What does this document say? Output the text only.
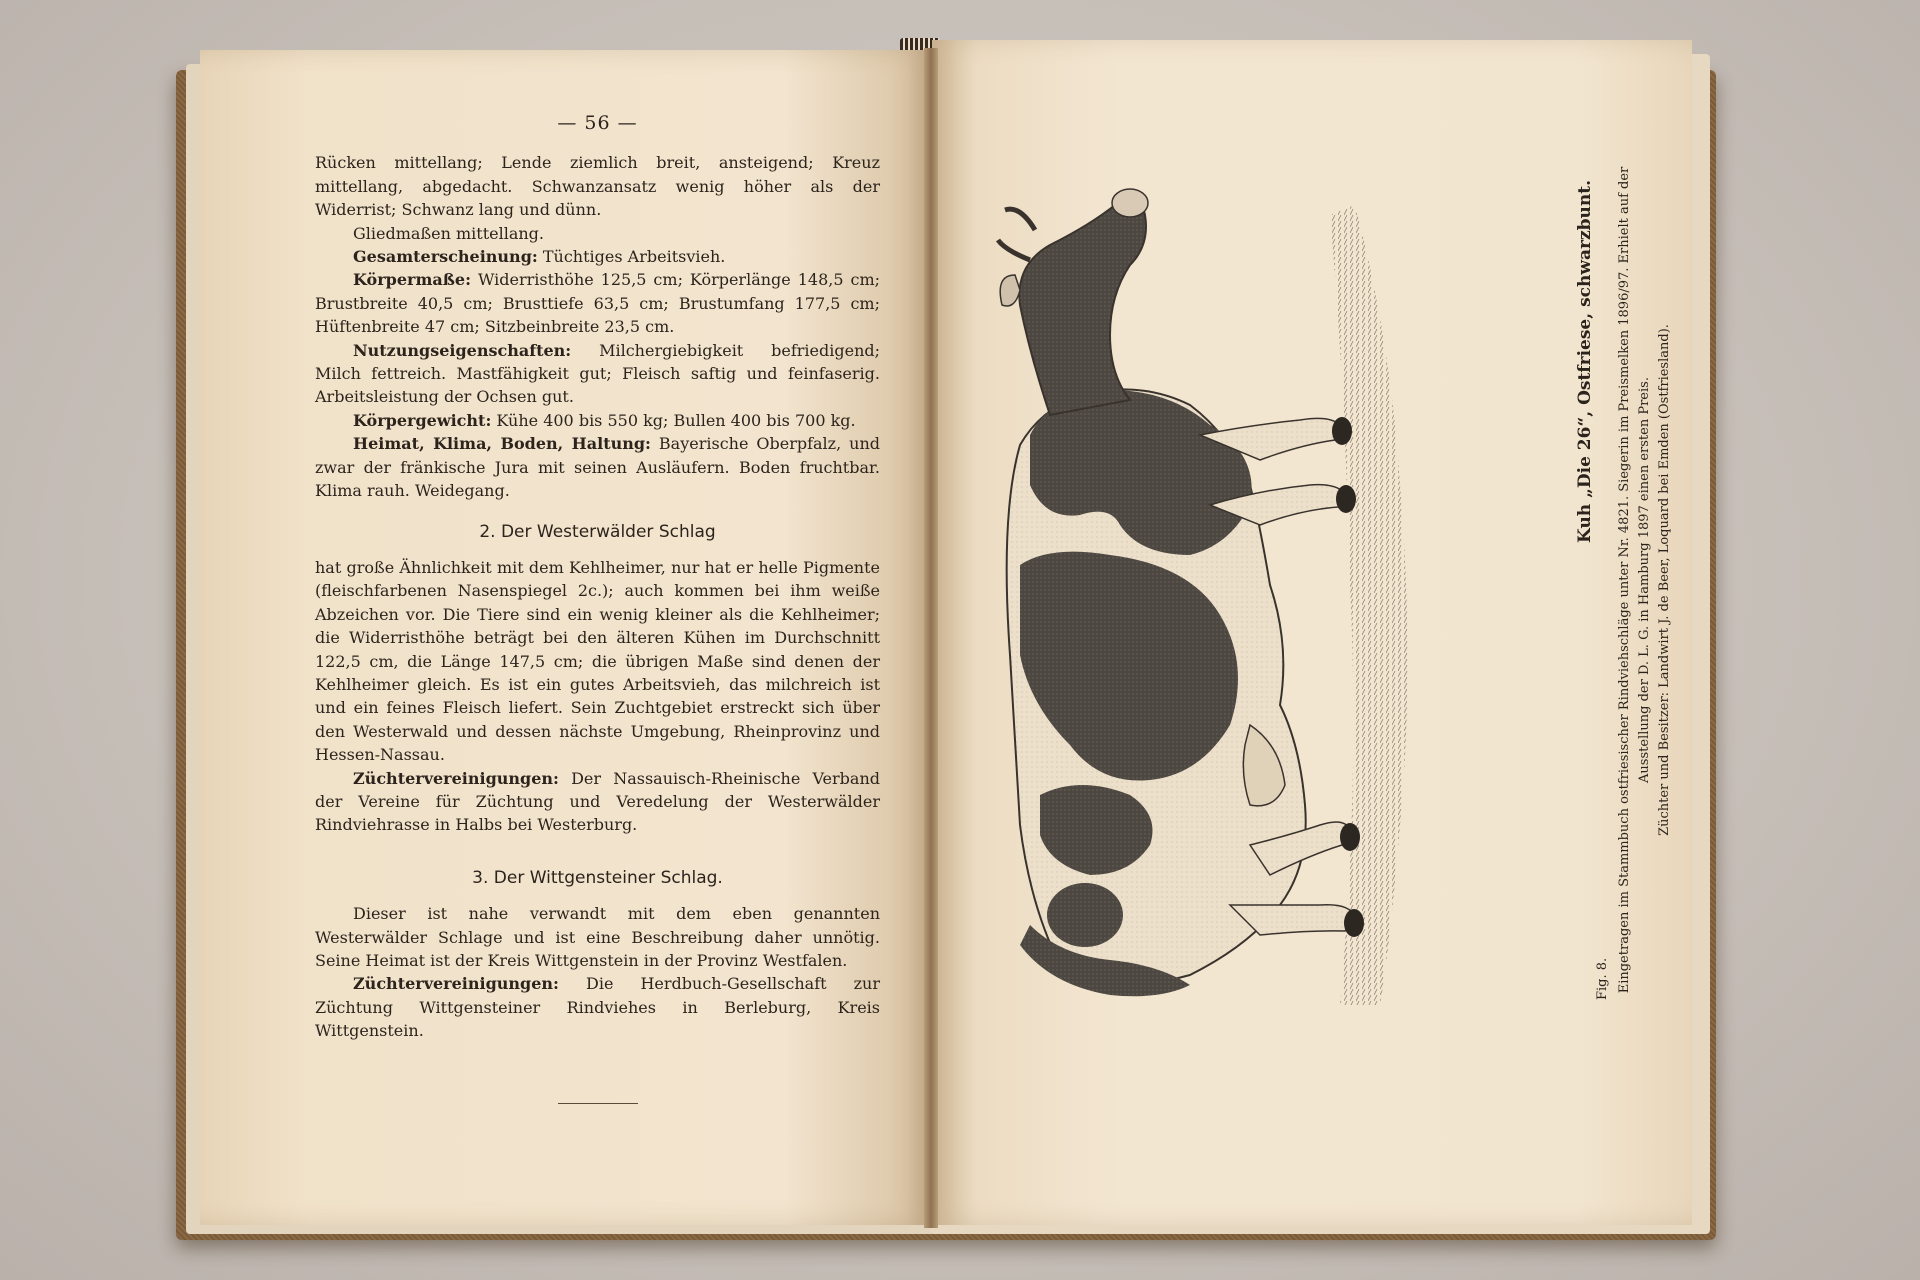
— 56 —

Rücken mittellang; Lende ziemlich breit, ansteigend; Kreuz mittellang, abgedacht. Schwanzansatz wenig höher als der Widerrist; Schwanz lang und dünn.

Gliedmaßen mittellang.

Gesamterscheinung: Tüchtiges Arbeitsvieh.

Körpermaße: Widerristhöhe 125,5 cm; Körperlänge 148,5 cm; Brustbreite 40,5 cm; Brusttiefe 63,5 cm; Brustumfang 177,5 cm; Hüftenbreite 47 cm; Sitzbeinbreite 23,5 cm.

Nutzungseigenschaften: Milchergiebigkeit befriedigend; Milch fettreich. Mastfähigkeit gut; Fleisch saftig und feinfaserig. Arbeitsleistung der Ochsen gut.

Körpergewicht: Kühe 400 bis 550 kg; Bullen 400 bis 700 kg.

Heimat, Klima, Boden, Haltung: Bayerische Oberpfalz, und zwar der fränkische Jura mit seinen Ausläufern. Boden fruchtbar. Klima rauh. Weidegang.

2. Der Westerwälder Schlag

hat große Ähnlichkeit mit dem Kehlheimer, nur hat er helle Pigmente (fleischfarbenen Nasenspiegel 2c.); auch kommen bei ihm weiße Abzeichen vor. Die Tiere sind ein wenig kleiner als die Kehlheimer; die Widerristhöhe beträgt bei den älteren Kühen im Durchschnitt 122,5 cm, die Länge 147,5 cm; die übrigen Maße sind denen der Kehlheimer gleich. Es ist ein gutes Arbeitsvieh, das milchreich ist und ein feines Fleisch liefert. Sein Zuchtgebiet erstreckt sich über den Westerwald und dessen nächste Umgebung, Rheinprovinz und Hessen-Nassau.

Züchtervereinigungen: Der Nassauisch-Rheinische Verband der Vereine für Züchtung und Veredelung der Westerwälder Rindviehrasse in Halbs bei Westerburg.

3. Der Wittgensteiner Schlag.

Dieser ist nahe verwandt mit dem eben genannten Westerwälder Schlage und ist eine Beschreibung daher unnötig. Seine Heimat ist der Kreis Wittgenstein in der Provinz Westfalen.

Züchtervereinigungen: Die Herdbuch-Gesellschaft zur Züchtung Wittgensteiner Rindviehes in Berleburg, Kreis Wittgenstein.

Kuh „Die 26“, Ostfriese, schwarzbunt.
Fig. 8. Eingetragen im Stammbuch ostfriesischer Rindviehschläge unter Nr. 4821. Siegerin im Preismelken 1896/97. Erhielt auf der Ausstellung der D. L. G. in Hamburg 1897 einen ersten Preis. Züchter und Besitzer: Landwirt J. de Beer, Loquard bei Emden (Ostfriesland).
